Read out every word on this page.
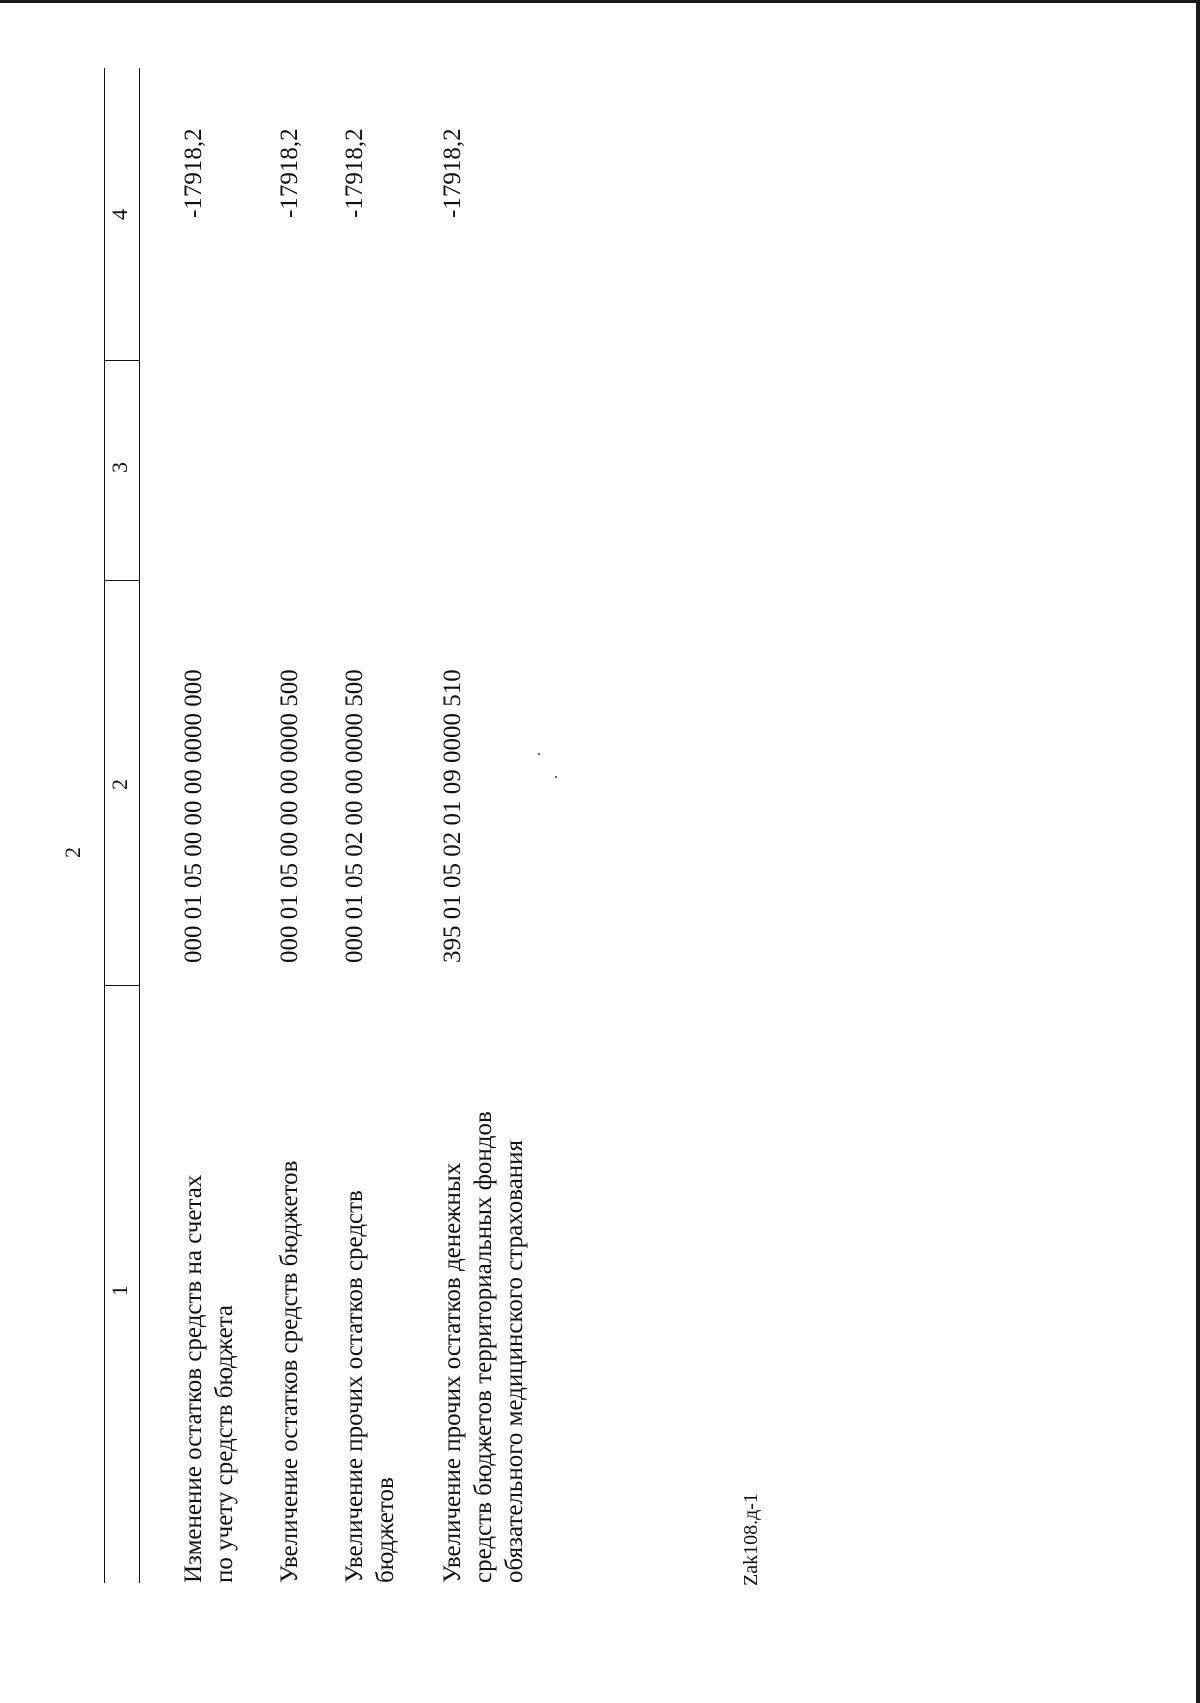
2
1
2
3
4
Изменение остатков средств на счетах по учету средств бюджета
000 01 05 00 00 00 0000 000
-17918,2
Увеличение остатков средств бюджетов
000 01 05 00 00 00 0000 500
-17918,2
Увеличение прочих остатков средств бюджетов
000 01 05 02 00 00 0000 500
-17918,2
Увеличение прочих остатков денежных средств бюджетов территориальных фондов обязательного медицинского страхования
395 01 05 02 01 09 0000 510
-17918,2
Zak108.д-1
